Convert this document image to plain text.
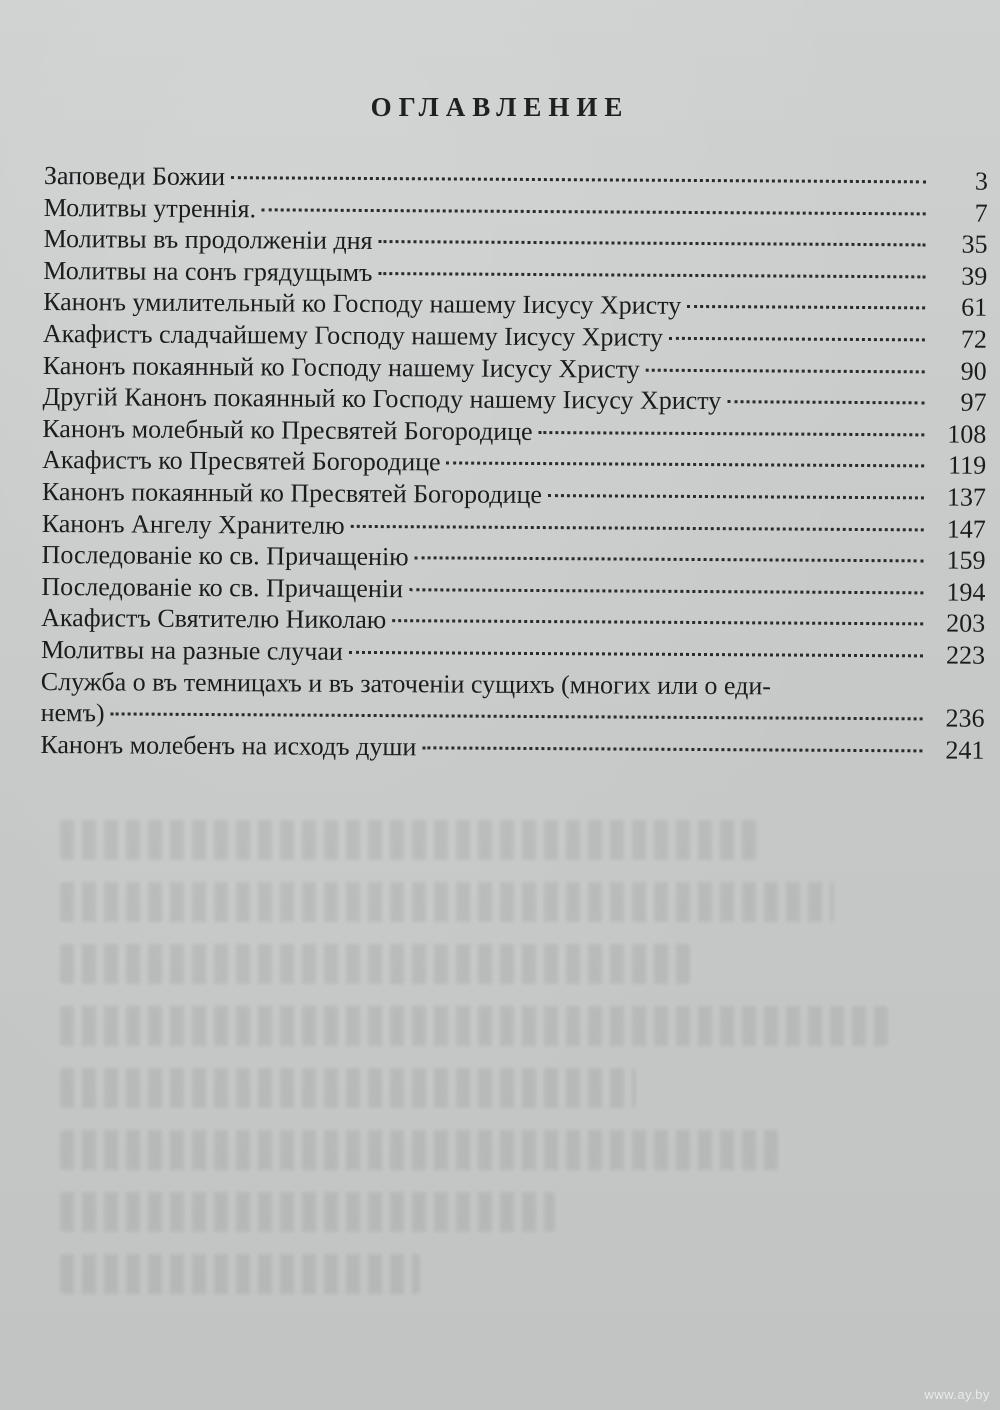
ОГЛАВЛЕНИЕ
Заповеди Божии	3
Молитвы утреннія.	7
Молитвы въ продолженіи дня	35
Молитвы на сонъ грядущымъ	39
Канонъ умилительный ко Господу нашему Іисусу Христу	61
Акафистъ сладчайшему Господу нашему Іисусу Христу	72
Канонъ покаянный ко Господу нашему Іисусу Христу	90
Другій Канонъ покаянный ко Господу нашему Іисусу Христу	97
Канонъ молебный ко Пресвятей Богородице	108
Акафистъ ко Пресвятей Богородице	119
Канонъ покаянный ко Пресвятей Богородице	137
Канонъ Ангелу Хранителю	147
Последованіе ко св. Причащенію	159
Последованіе ко св. Причащеніи	194
Акафистъ Святителю Николаю	203
Молитвы на разные случаи	223
Служба о въ темницахъ и въ заточеніи сущихъ (многих или о еди-
немъ)	236
Канонъ молебенъ на исходъ души	241
www.ay.by
